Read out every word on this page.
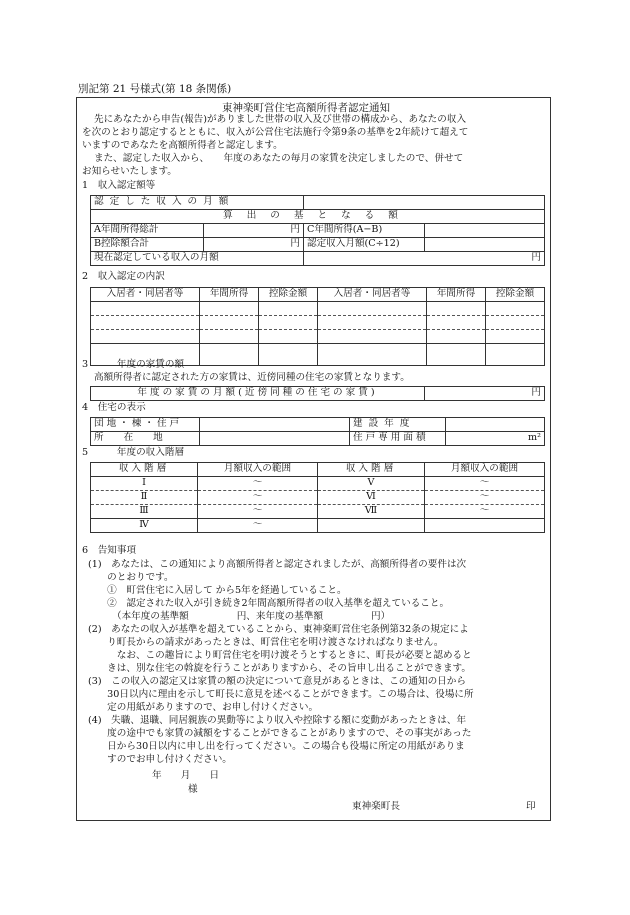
別記第 21 号様式(第 18 条関係)
東神楽町営住宅高額所得者認定通知
先にあなたから申告(報告)がありました世帯の収入及び世帯の構成から、あなたの収入
を次のとおり認定するとともに、収入が公営住宅法施行令第9条の基準を2年続けて超えて
いますのであなたを高額所得者と認定します。
また、認定した収入から、　　年度のあなたの毎月の家賃を決定しましたので、併せて
お知らせいたします。
1　収入認定額等
認定した収入の月額			
算出の基となる額			
A年間所得総計	円	C年間所得(A−B)	
B控除額合計	円	認定収入月額(C÷12)	
現在認定している収入の月額		円	
2　収入認定の内訳
入居者・同居者等	年間所得	控除金額	入居者・同居者等	年間所得	控除金額

3　　　年度の家賃の額
高額所得者に認定された方の家賃は、近傍同種の住宅の家賃となります。
年度の家賃の月額(近傍同種の住宅の家賃)	円
4　住宅の表示
団地・棟・住戸		建設年度	
所在地		住戸専用面積	m²
5　　　年度の収入階層
収入階層	月額収入の範囲	収入階層	月額収入の範囲
Ⅰ	〜	Ⅴ	〜
Ⅱ	〜	Ⅵ	〜
Ⅲ	〜	Ⅶ	〜
Ⅳ	〜		
6　告知事項
(1)　あなたは、この通知により高額所得者と認定されましたが、高額所得者の要件は次
　　のとおりです。
　　①　町営住宅に入居して から5年を経過していること。
　　②　認定された収入が引き続き2年間高額所得者の収入基準を超えていること。
　　　（本年度の基準額　　　　　円、来年度の基準額　　　　　円）
(2)　あなたの収入が基準を超えていることから、東神楽町営住宅条例第32条の規定によ
　　り町長からの請求があったときは、町営住宅を明け渡さなければなりません。
　　　なお、この趣旨により町営住宅を明け渡そうとするときに、町長が必要と認めると
　　きは、別な住宅の斡旋を行うことがありますから、その旨申し出ることができます。
(3)　この収入の認定又は家賃の額の決定について意見があるときは、この通知の日から
　　30日以内に理由を示して町長に意見を述べることができます。この場合は、役場に所
　　定の用紙がありますので、お申し付けください。
(4)　失職、退職、同居親族の異動等により収入や控除する額に変動があったときは、年
　　度の途中でも家賃の減額をすることができることがありますので、その事実があった
　　日から30日以内に申し出を行ってください。この場合も役場に所定の用紙がありま
　　すのでお申し付けください。
年　　月　　日
様
東神楽町長	印
